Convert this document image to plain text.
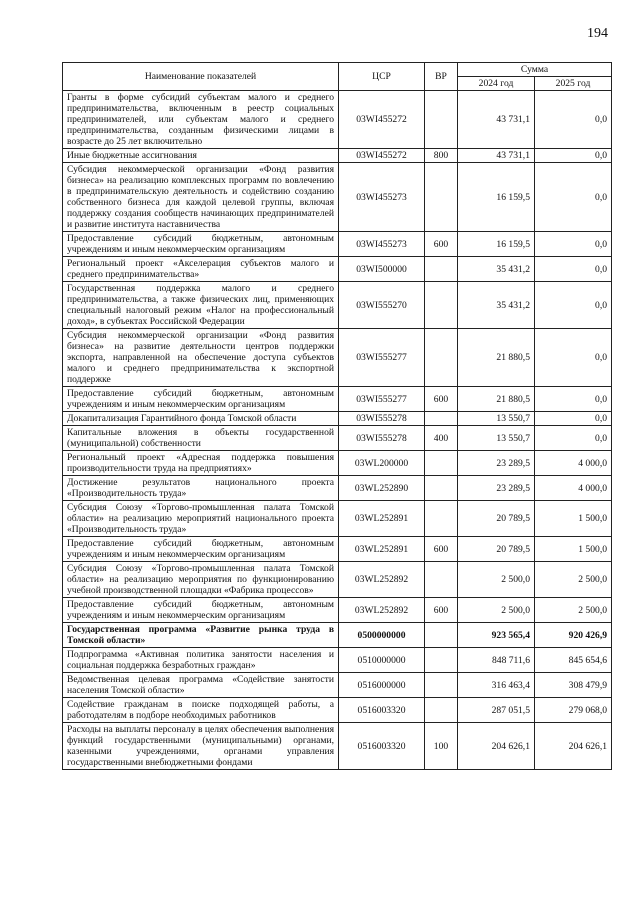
194
Наименование показателей	ЦСР	ВР	Сумма	
			2024 год	2025 год
Гранты в форме субсидий субъектам малого и среднего предпринимательства, включенным в реестр социальных предпринимателей, или субъектам малого и среднего предпринимательства, созданным физическими лицами в возрасте до 25 лет включительно	03WI455272		43 731,1	0,0
Иные бюджетные ассигнования	03WI455272	800	43 731,1	0,0
Субсидия некоммерческой организации «Фонд развития бизнеса» на реализацию комплексных программ по вовлечению в предпринимательскую деятельность и содействию созданию собственного бизнеса для каждой целевой группы, включая поддержку создания сообществ начинающих предпринимателей и развитие института наставничества	03WI455273		16 159,5	0,0
Предоставление субсидий бюджетным, автономным учреждениям и иным некоммерческим организациям	03WI455273	600	16 159,5	0,0
Региональный проект «Акселерация субъектов малого и среднего предпринимательства»	03WI500000		35 431,2	0,0
Государственная поддержка малого и среднего предпринимательства, а также физических лиц, применяющих специальный налоговый режим «Налог на профессиональный доход», в субъектах Российской Федерации	03WI555270		35 431,2	0,0
Субсидия некоммерческой организации «Фонд развития бизнеса» на развитие деятельности центров поддержки экспорта, направленной на обеспечение доступа субъектов малого и среднего предпринимательства к экспортной поддержке	03WI555277		21 880,5	0,0
Предоставление субсидий бюджетным, автономным учреждениям и иным некоммерческим организациям	03WI555277	600	21 880,5	0,0
Докапитализация Гарантийного фонда Томской области	03WI555278		13 550,7	0,0
Капитальные вложения в объекты государственной (муниципальной) собственности	03WI555278	400	13 550,7	0,0
Региональный проект «Адресная поддержка повышения производительности труда на предприятиях»	03WL200000		23 289,5	4 000,0
Достижение результатов национального проекта «Производительность труда»	03WL252890		23 289,5	4 000,0
Субсидия Союзу «Торгово-промышленная палата Томской области» на реализацию мероприятий национального проекта «Производительность труда»	03WL252891		20 789,5	1 500,0
Предоставление субсидий бюджетным, автономным учреждениям и иным некоммерческим организациям	03WL252891	600	20 789,5	1 500,0
Субсидия Союзу «Торгово-промышленная палата Томской области» на реализацию мероприятия по функционированию учебной производственной площадки «Фабрика процессов»	03WL252892		2 500,0	2 500,0
Предоставление субсидий бюджетным, автономным учреждениям и иным некоммерческим организациям	03WL252892	600	2 500,0	2 500,0
Государственная программа «Развитие рынка труда в Томской области»	0500000000		923 565,4	920 426,9
Подпрограмма «Активная политика занятости населения и социальная поддержка безработных граждан»	0510000000		848 711,6	845 654,6
Ведомственная целевая программа «Содействие занятости населения Томской области»	0516000000		316 463,4	308 479,9
Содействие гражданам в поиске подходящей работы, а работодателям в подборе необходимых работников	0516003320		287 051,5	279 068,0
Расходы на выплаты персоналу в целях обеспечения выполнения функций государственными (муниципальными) органами, казенными учреждениями, органами управления государственными внебюджетными фондами	0516003320	100	204 626,1	204 626,1
